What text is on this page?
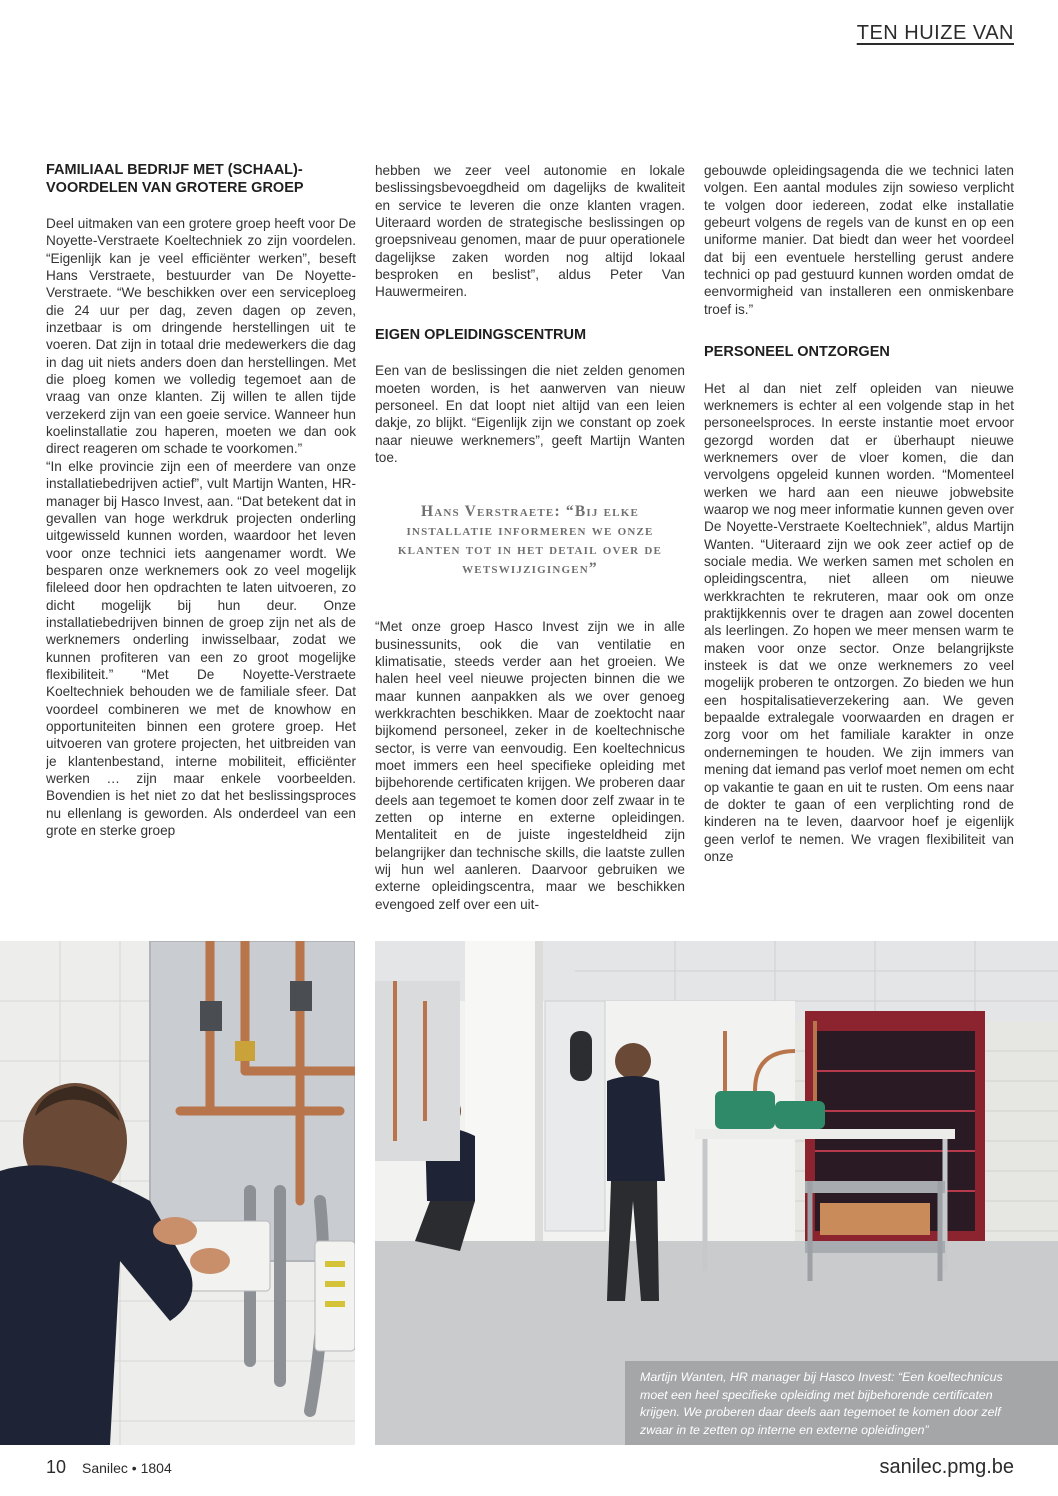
TEN HUIZE VAN
FAMILIAAL BEDRIJF MET (SCHAAL)-VOORDELEN VAN GROTERE GROEP

Deel uitmaken van een grotere groep heeft voor De Noyette-Verstraete Koeltechniek zo zijn voordelen. “Eigenlijk kan je veel efficiënter werken”, beseft Hans Verstraete, bestuurder van De Noyette-Verstraete. “We beschikken over een serviceploeg die 24 uur per dag, zeven dagen op zeven, inzetbaar is om dringende herstellingen uit te voeren. Dat zijn in totaal drie medewerkers die dag in dag uit niets anders doen dan herstellingen. Met die ploeg komen we volledig tegemoet aan de vraag van onze klanten. Zij willen te allen tijde verzekerd zijn van een goeie service. Wanneer hun koelinstallatie zou haperen, moeten we dan ook direct reageren om schade te voorkomen.”

“In elke provincie zijn een of meerdere van onze installatiebedrijven actief”, vult Martijn Wanten, HR-manager bij Hasco Invest, aan. “Dat betekent dat in gevallen van hoge werkdruk projecten onderling uitgewisseld kunnen worden, waardoor het leven voor onze technici iets aangenamer wordt. We besparen onze werknemers ook zo veel mogelijk fileleed door hen opdrachten te laten uitvoeren, zo dicht mogelijk bij hun deur. Onze installatiebedrijven binnen de groep zijn net als de werknemers onderling inwisselbaar, zodat we kunnen profiteren van een zo groot mogelijke flexibiliteit.” “Met De Noyette-Verstraete Koeltechniek behouden we de familiale sfeer. Dat voordeel combineren we met de knowhow en opportuniteiten binnen een grotere groep. Het uitvoeren van grotere projecten, het uitbreiden van je klantenbestand, interne mobiliteit, efficiënter werken … zijn maar enkele voorbeelden. Bovendien is het niet zo dat het beslissingsproces nu ellenlang is geworden. Als onderdeel van een grote en sterke groep

hebben we zeer veel autonomie en lokale beslissingsbevoegdheid om dagelijks de kwaliteit en service te leveren die onze klanten vragen. Uiteraard worden de strategische beslissingen op groepsniveau genomen, maar de puur operationele dagelijkse zaken worden nog altijd lokaal besproken en beslist”, aldus Peter Van Hauwermeiren.

EIGEN OPLEIDINGSCENTRUM

Een van de beslissingen die niet zelden genomen moeten worden, is het aanwerven van nieuw personeel. En dat loopt niet altijd van een leien dakje, zo blijkt. “Eigenlijk zijn we constant op zoek naar nieuwe werknemers”, geeft Martijn Wanten toe.

Hans Verstraete: “Bij elke installatie informeren we onze klanten tot in het detail over de wetswijzigingen”

“Met onze groep Hasco Invest zijn we in alle businessunits, ook die van ventilatie en klimatisatie, steeds verder aan het groeien. We halen heel veel nieuwe projecten binnen die we maar kunnen aanpakken als we over genoeg werkkrachten beschikken. Maar de zoektocht naar bijkomend personeel, zeker in de koeltechnische sector, is verre van eenvoudig. Een koeltechnicus moet immers een heel specifieke opleiding met bijbehorende certificaten krijgen. We proberen daar deels aan tegemoet te komen door zelf zwaar in te zetten op interne en externe opleidingen. Mentaliteit en de juiste ingesteldheid zijn belangrijker dan technische skills, die laatste zullen wij hun wel aanleren. Daarvoor gebruiken we externe opleidingscentra, maar we beschikken evengoed zelf over een uit-

gebouwde opleidingsagenda die we technici laten volgen. Een aantal modules zijn sowieso verplicht te volgen door iedereen, zodat elke installatie gebeurt volgens de regels van de kunst en op een uniforme manier. Dat biedt dan weer het voordeel dat bij een eventuele herstelling gerust andere technici op pad gestuurd kunnen worden omdat de eenvormigheid van installeren een onmiskenbare troef is.”

PERSONEEL ONTZORGEN

Het al dan niet zelf opleiden van nieuwe werknemers is echter al een volgende stap in het personeelsproces. In eerste instantie moet ervoor gezorgd worden dat er überhaupt nieuwe werknemers over de vloer komen, die dan vervolgens opgeleid kunnen worden. “Momenteel werken we hard aan een nieuwe jobwebsite waarop we nog meer informatie kunnen geven over De Noyette-Verstraete Koeltechniek”, aldus Martijn Wanten. “Uiteraard zijn we ook zeer actief op de sociale media. We werken samen met scholen en opleidingscentra, niet alleen om nieuwe werkkrachten te rekruteren, maar ook om onze praktijkkennis over te dragen aan zowel docenten als leerlingen. Zo hopen we meer mensen warm te maken voor onze sector. Onze belangrijkste insteek is dat we onze werknemers zo veel mogelijk proberen te ontzorgen. Zo bieden we hun een hospitalisatieverzekering aan. We geven bepaalde extralegale voorwaarden en dragen er zorg voor om het familiale karakter in onze ondernemingen te houden. We zijn immers van mening dat iemand pas verlof moet nemen om echt op vakantie te gaan en uit te rusten. Om eens naar de dokter te gaan of een verplichting rond de kinderen na te leven, daarvoor hoef je eigenlijk geen verlof te nemen. We vragen flexibiliteit van onze

Martijn Wanten, HR manager bij Hasco Invest: “Een koeltechnicus moet een heel specifieke opleiding met bijbehorende certificaten krijgen. We proberen daar deels aan tegemoet te komen door zelf zwaar in te zetten op interne en externe opleidingen”
10 Sanilec • 1804	sanilec.pmg.be
